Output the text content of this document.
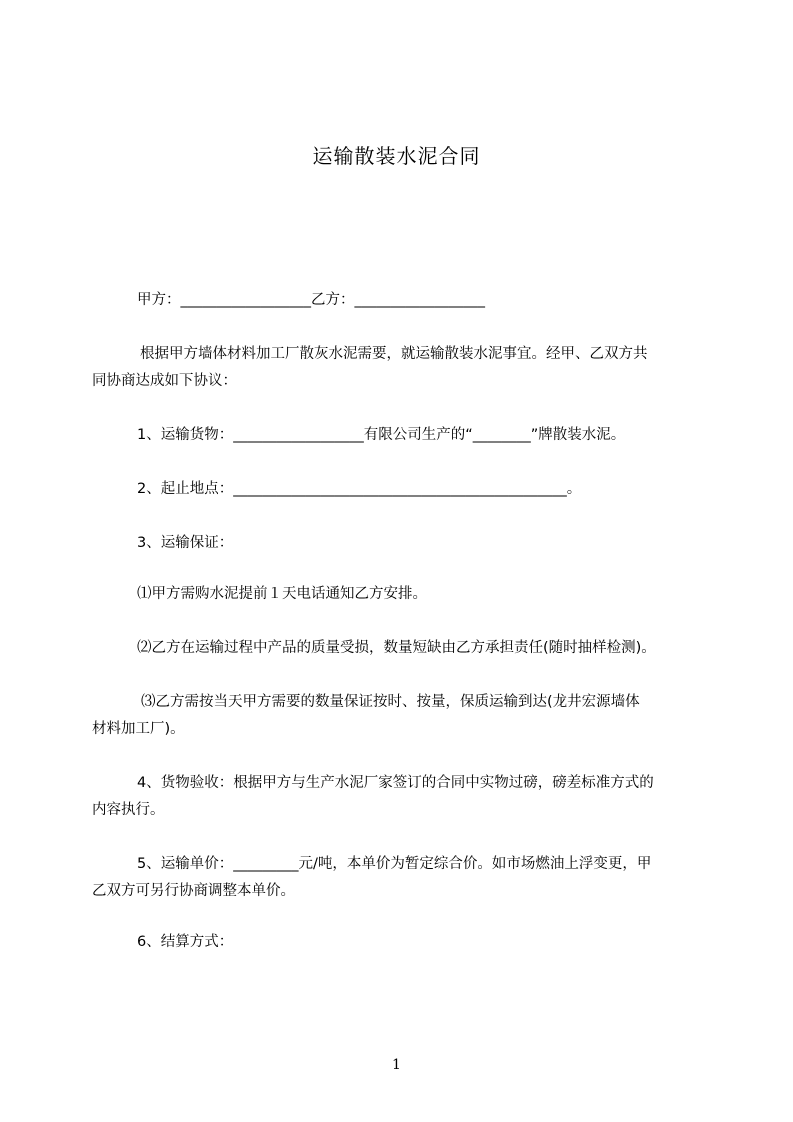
运输散装水泥合同
甲方：__________________乙方：__________________
根据甲方墙体材料加工厂散灰水泥需要，就运输散装水泥事宜。经甲、乙双方共
同协商达成如下协议：
1、运输货物：__________________有限公司生产的“________”牌散装水泥。
2、起止地点：______________________________________________。
3、运输保证：
⑴甲方需购水泥提前１天电话通知乙方安排。
⑵乙方在运输过程中产品的质量受损，数量短缺由乙方承担责任(随时抽样检测)。
⑶乙方需按当天甲方需要的数量保证按时、按量，保质运输到达(龙井宏源墙体
材料加工厂)。
4、货物验收：根据甲方与生产水泥厂家签订的合同中实物过磅，磅差标准方式的
内容执行。
5、运输单价：_________元/吨，本单价为暂定综合价。如市场燃油上浮变更，甲
乙双方可另行协商调整本单价。
6、结算方式：
1
